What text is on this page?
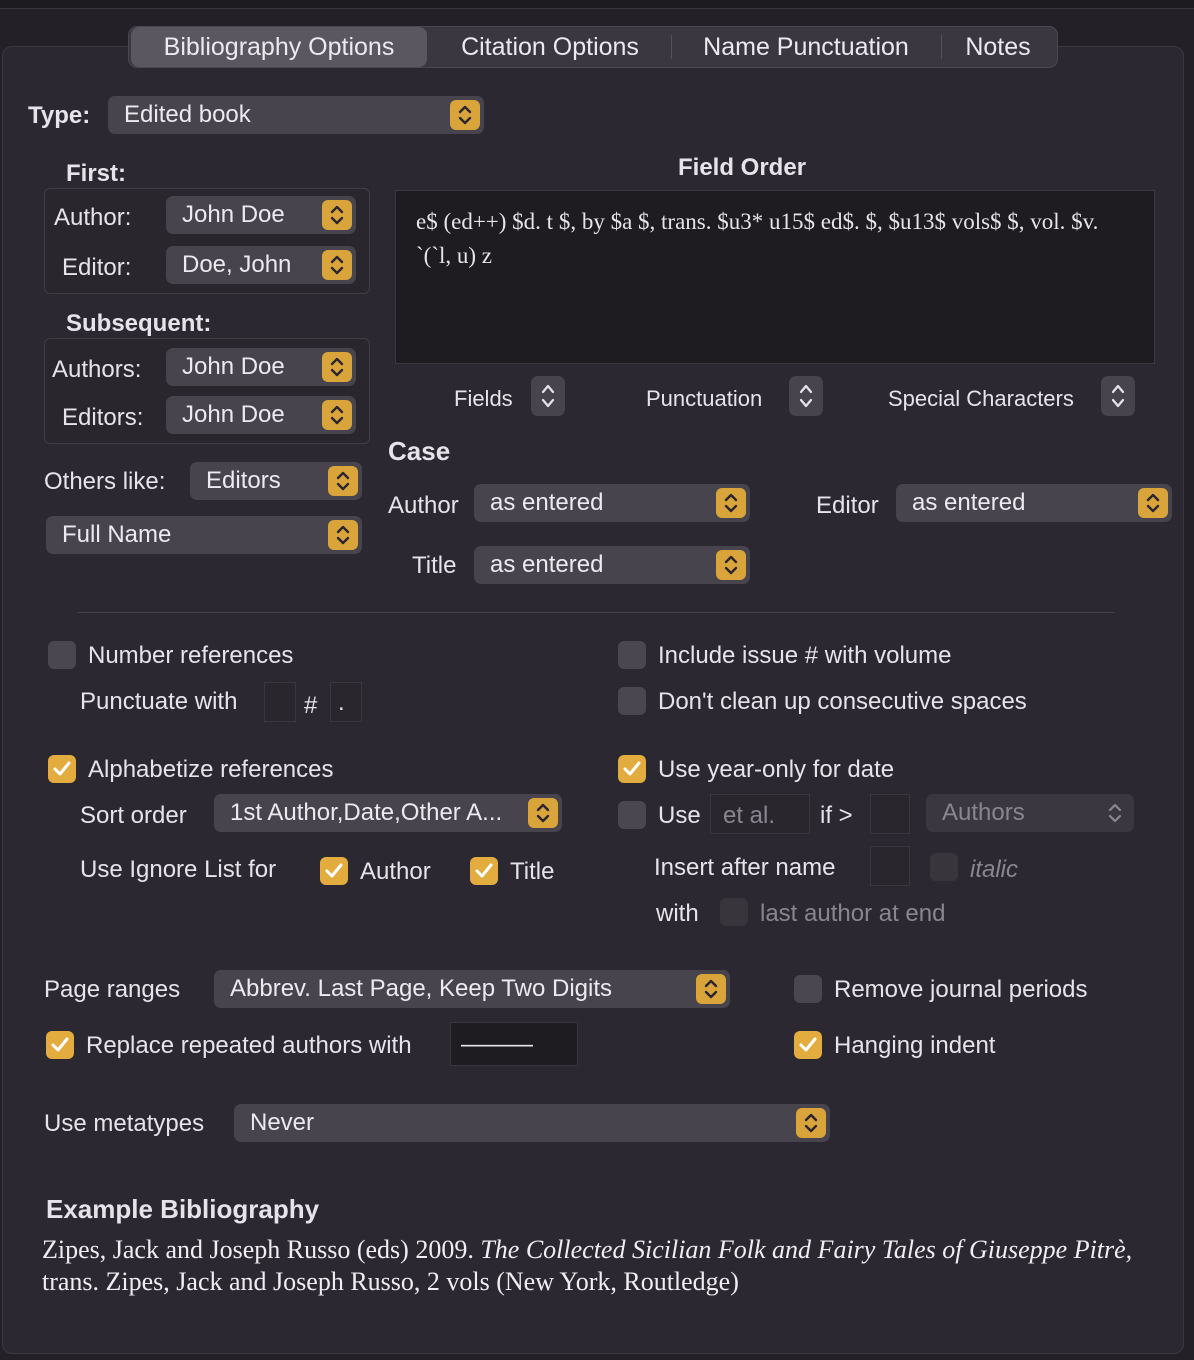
Bibliography Options	Citation Options	Name Punctuation	Notes
Type: Edited book
First:
Author: John Doe
Editor: Doe, John
Subsequent:
Authors: John Doe
Editors: John Doe
Others like: Editors
Full Name
Field Order
e$ (ed++) $d. t $, by $a $, trans. $u3* u15$ ed$. $, $u13$ vols$ $, vol. $v. `(`l, u) z
Fields	Punctuation	Special Characters
Case
Author as entered	Editor as entered
Title as entered
Number references
Punctuate with	# .
Alphabetize references
Sort order 1st Author,Date,Other A...
Use Ignore List for	Author	Title
Include issue # with volume
Don't clean up consecutive spaces
Use year-only for date
Use et al. if >	Authors
Insert after name	italic
with	last author at end
Page ranges Abbrev. Last Page, Keep Two Digits	Remove journal periods
Replace repeated authors with ———	Hanging indent
Use metatypes Never
Example Bibliography
Zipes, Jack and Joseph Russo (eds) 2009. The Collected Sicilian Folk and Fairy Tales of Giuseppe Pitrè, trans. Zipes, Jack and Joseph Russo, 2 vols (New York, Routledge)
